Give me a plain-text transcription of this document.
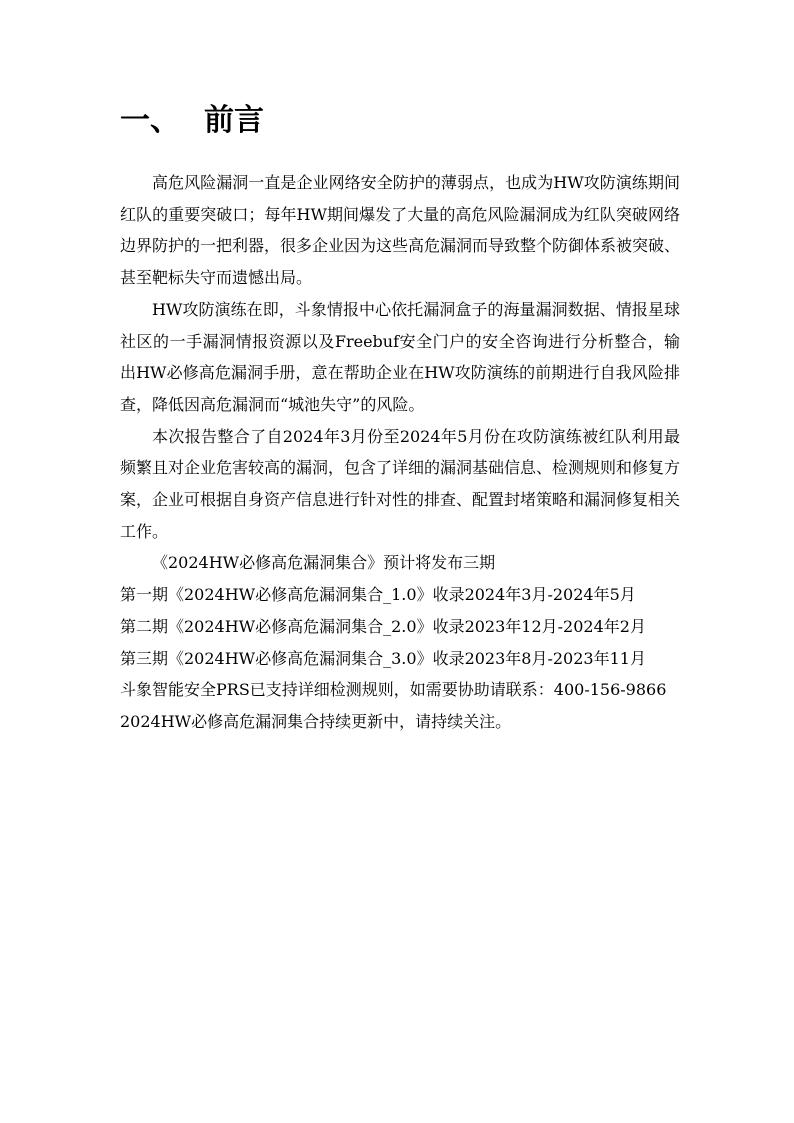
一、 前言

高危风险漏洞一直是企业网络安全防护的薄弱点，也成为HW攻防演练期间红队的重要突破口；每年HW期间爆发了大量的高危风险漏洞成为红队突破网络边界防护的一把利器，很多企业因为这些高危漏洞而导致整个防御体系被突破、甚至靶标失守而遗憾出局。

HW攻防演练在即，斗象情报中心依托漏洞盒子的海量漏洞数据、情报星球社区的一手漏洞情报资源以及Freebuf安全门户的安全咨询进行分析整合，输出HW必修高危漏洞手册，意在帮助企业在HW攻防演练的前期进行自我风险排查，降低因高危漏洞而“城池失守”的风险。

本次报告整合了自2024年3月份至2024年5月份在攻防演练被红队利用最频繁且对企业危害较高的漏洞，包含了详细的漏洞基础信息、检测规则和修复方案，企业可根据自身资产信息进行针对性的排查、配置封堵策略和漏洞修复相关工作。

《2024HW必修高危漏洞集合》预计将发布三期

第一期《2024HW必修高危漏洞集合_1.0》收录2024年3月-2024年5月

第二期《2024HW必修高危漏洞集合_2.0》收录2023年12月-2024年2月

第三期《2024HW必修高危漏洞集合_3.0》收录2023年8月-2023年11月

斗象智能安全PRS已支持详细检测规则，如需要协助请联系：400-156-9866

2024HW必修高危漏洞集合持续更新中，请持续关注。
